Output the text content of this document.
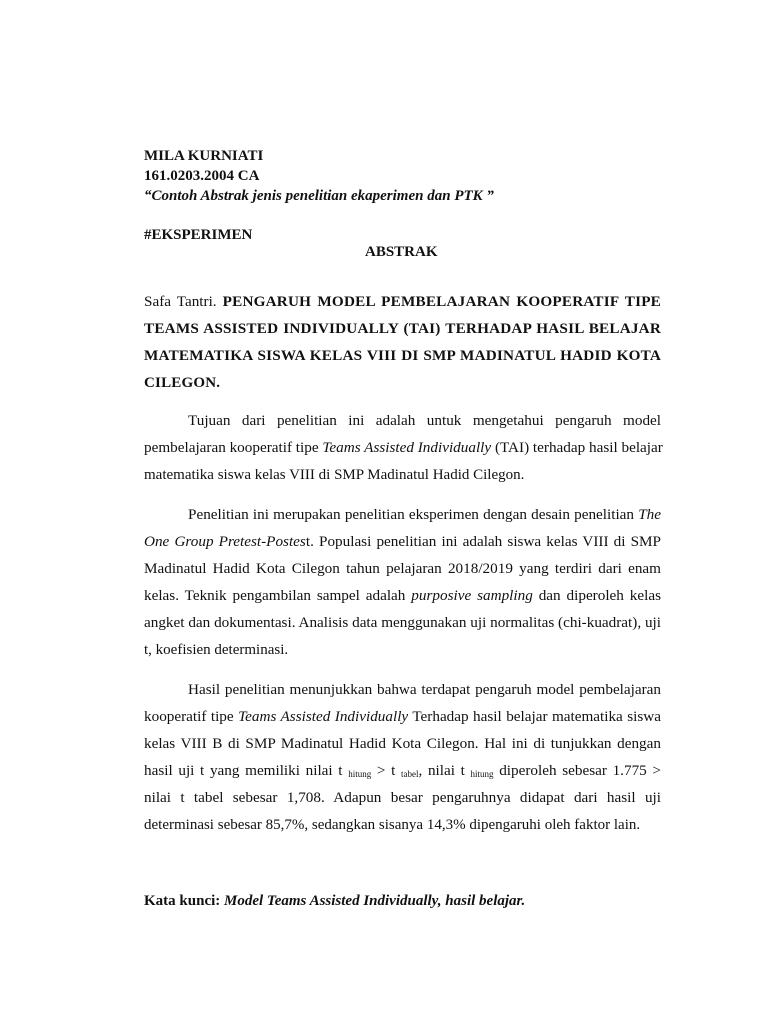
MILA KURNIATI
161.0203.2004 CA
“Contoh Abstrak jenis penelitian ekaperimen dan PTK ”
#EKSPERIMEN
ABSTRAK
Safa Tantri. PENGARUH MODEL PEMBELAJARAN KOOPERATIF TIPE
TEAMS ASSISTED INDIVIDUALLY (TAI) TERHADAP HASIL BELAJAR
MATEMATIKA SISWA KELAS VIII DI SMP MADINATUL HADID KOTA
CILEGON.
Tujuan dari penelitian ini adalah untuk mengetahui pengaruh model
pembelajaran kooperatif tipe Teams Assisted Individually (TAI) terhadap hasil belajar
matematika siswa kelas VIII di SMP Madinatul Hadid Cilegon.
Penelitian ini merupakan penelitian eksperimen dengan desain penelitian The
One Group Pretest-Postest. Populasi penelitian ini adalah siswa kelas VIII di SMP
Madinatul Hadid Kota Cilegon tahun pelajaran 2018/2019 yang terdiri dari enam
kelas. Teknik pengambilan sampel adalah purposive sampling dan diperoleh kelas
angket dan dokumentasi. Analisis data menggunakan uji normalitas (chi-kuadrat), uji
t, koefisien determinasi.
Hasil penelitian menunjukkan bahwa terdapat pengaruh model pembelajaran
kooperatif tipe Teams Assisted Individually Terhadap hasil belajar matematika siswa
kelas VIII B di SMP Madinatul Hadid Kota Cilegon. Hal ini di tunjukkan dengan
hasil uji t yang memiliki nilai t $_{hitung}$ > t $_{tabel}$, nilai t $_{hitung}$ diperoleh sebesar 1.775 >
nilai t tabel sebesar 1,708. Adapun besar pengaruhnya didapat dari hasil uji
determinasi sebesar 85,7%, sedangkan sisanya 14,3% dipengaruhi oleh faktor lain.
Kata kunci: Model Teams Assisted Individually, hasil belajar.
